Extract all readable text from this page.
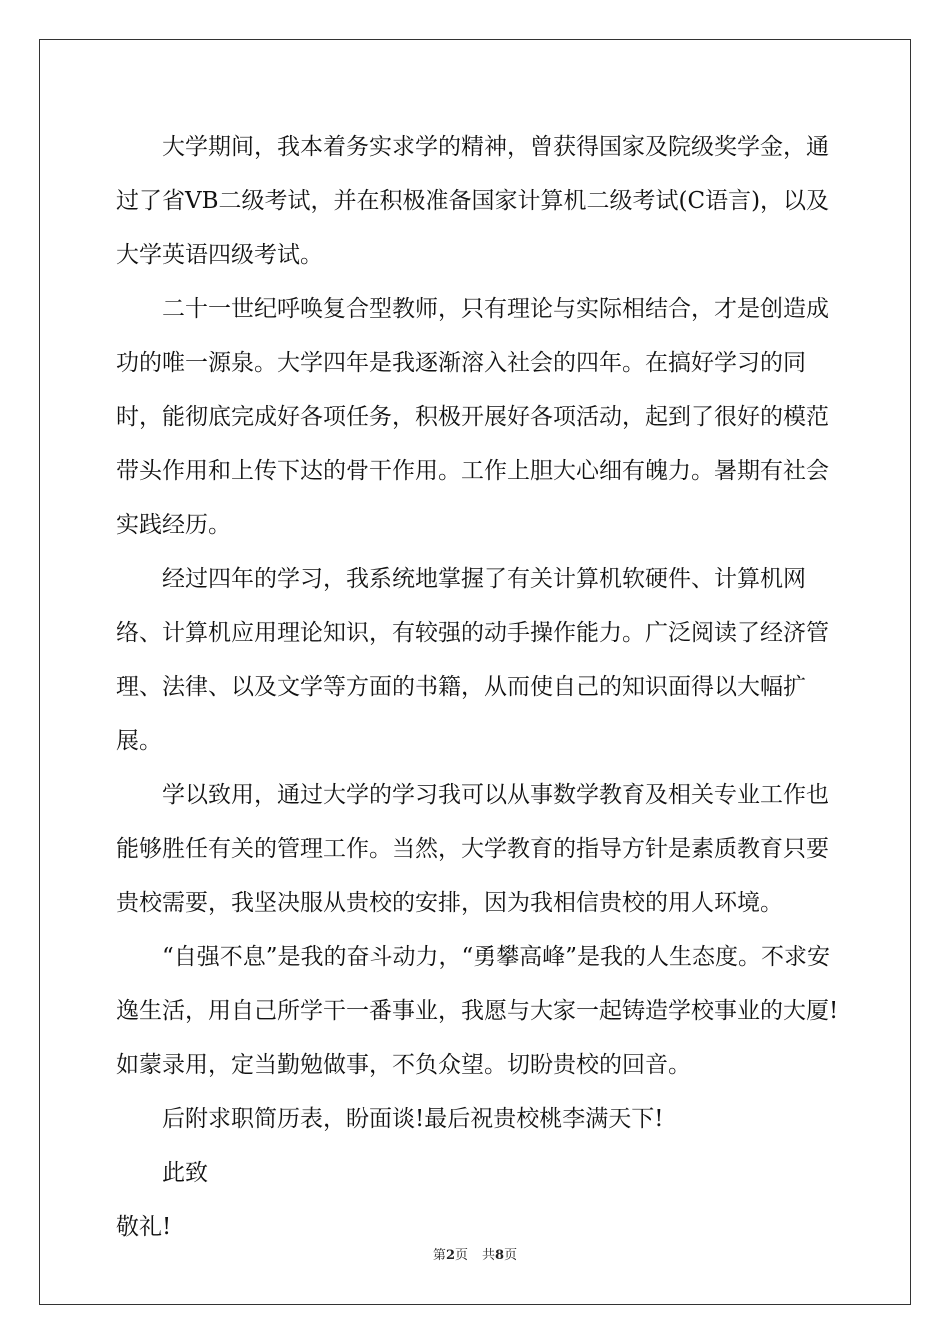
大学期间，我本着务实求学的精神，曾获得国家及院级奖学金，通过了省VB二级考试，并在积极准备国家计算机二级考试(C语言)，以及大学英语四级考试。

二十一世纪呼唤复合型教师，只有理论与实际相结合，才是创造成功的唯一源泉。大学四年是我逐渐溶入社会的四年。在搞好学习的同时，能彻底完成好各项任务，积极开展好各项活动，起到了很好的模范带头作用和上传下达的骨干作用。工作上胆大心细有魄力。暑期有社会实践经历。

经过四年的学习，我系统地掌握了有关计算机软硬件、计算机网络、计算机应用理论知识，有较强的动手操作能力。广泛阅读了经济管理、法律、以及文学等方面的书籍，从而使自己的知识面得以大幅扩展。

学以致用，通过大学的学习我可以从事数学教育及相关专业工作也能够胜任有关的管理工作。当然，大学教育的指导方针是素质教育只要贵校需要，我坚决服从贵校的安排，因为我相信贵校的用人环境。

“自强不息”是我的奋斗动力，“勇攀高峰”是我的人生态度。不求安逸生活，用自己所学干一番事业，我愿与大家一起铸造学校事业的大厦!如蒙录用，定当勤勉做事，不负众望。切盼贵校的回音。

后附求职简历表，盼面谈!最后祝贵校桃李满天下!

此致

敬礼!

第2页 共8页
